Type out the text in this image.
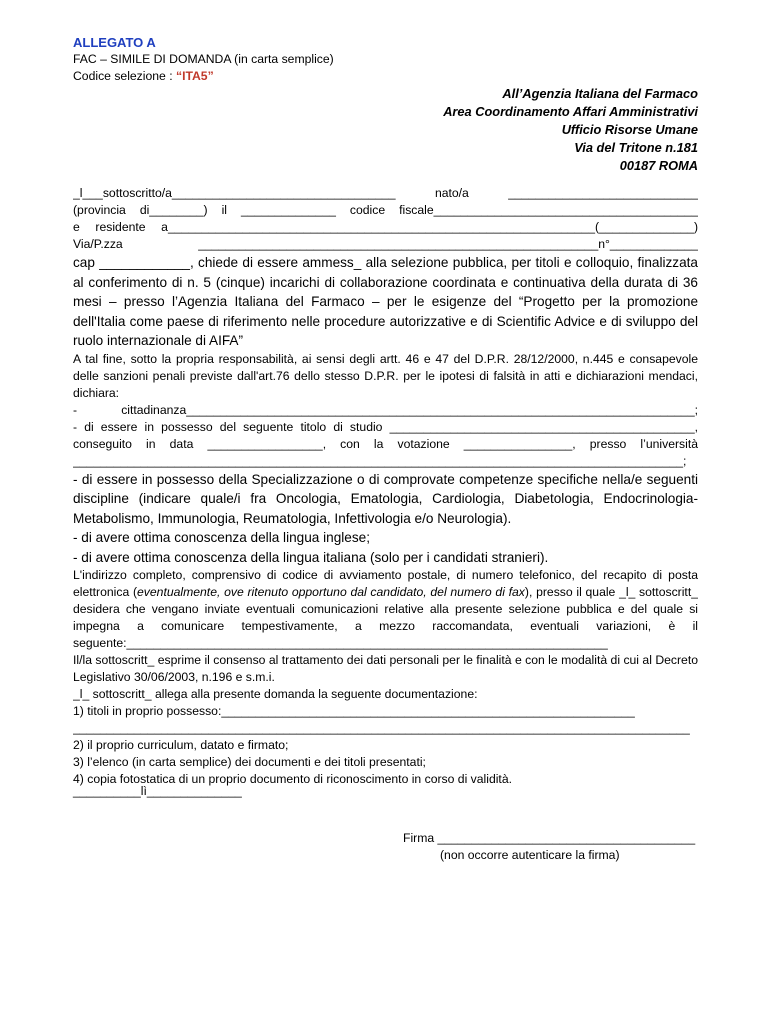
ALLEGATO A
FAC – SIMILE DI DOMANDA (in carta semplice)
Codice selezione : “ITA5”
All’Agenzia Italiana del Farmaco
Area Coordinamento Affari Amministrativi
Ufficio Risorse Umane
Via del Tritone n.181
00187 ROMA
_l___sottoscritto/a_________________________________ nato/a ____________________________
(provincia di________) il ______________ codice fiscale_______________________________________
e residente a_______________________________________________________________(______________)
Via/P.zza ___________________________________________________________n°_____________
cap ____________, chiede di essere ammess_ alla selezione pubblica, per titoli e colloquio, finalizzata al conferimento di n. 5 (cinque) incarichi di collaborazione coordinata e continuativa della durata di 36 mesi – presso l’Agenzia Italiana del Farmaco – per le esigenze del “Progetto per la promozione dell'Italia come paese di riferimento nelle procedure autorizzative e di Scientific Advice e di sviluppo del ruolo internazionale di AIFA”
A tal fine, sotto la propria responsabilità, ai sensi degli artt. 46 e 47 del D.P.R. 28/12/2000, n.445 e consapevole delle sanzioni penali previste dall'art.76 dello stesso D.P.R. per le ipotesi di falsità in atti e dichiarazioni mendaci, dichiara:
- cittadinanza___________________________________________________________________________;
- di essere in possesso del seguente titolo di studio _____________________________________________,
conseguito in data _________________, con la votazione ________________, presso l’università
__________________________________________________________________________________________;
- di essere in possesso della Specializzazione o di comprovate competenze specifiche nella/e seguenti discipline (indicare quale/i fra Oncologia, Ematologia, Cardiologia, Diabetologia, Endocrinologia-Metabolismo, Immunologia, Reumatologia, Infettivologia e/o Neurologia).
- di avere ottima conoscenza della lingua inglese;
- di avere ottima conoscenza della lingua italiana (solo per i candidati stranieri).
L'indirizzo completo, comprensivo di codice di avviamento postale, di numero telefonico, del recapito di posta elettronica (eventualmente, ove ritenuto opportuno dal candidato, del numero di fax), presso il quale _l_ sottoscritt_ desidera che vengano inviate eventuali comunicazioni relative alla presente selezione pubblica e del quale si impegna a comunicare tempestivamente, a mezzo raccomandata, eventuali variazioni, è il seguente:_______________________________________________________________________
Il/la sottoscritt_ esprime il consenso al trattamento dei dati personali per le finalità e con le modalità di cui al Decreto Legislativo 30/06/2003, n.196 e s.m.i.
_l_ sottoscritt_ allega alla presente domanda la seguente documentazione:
1) titoli in proprio possesso:_____________________________________________________________
___________________________________________________________________________________________
2) il proprio curriculum, datato e firmato;
3) l’elenco (in carta semplice) dei documenti e dei titoli presentati;
4) copia fotostatica di un proprio documento di riconoscimento in corso di validità.
__________lì______________
Firma ______________________________________
(non occorre autenticare la firma)
